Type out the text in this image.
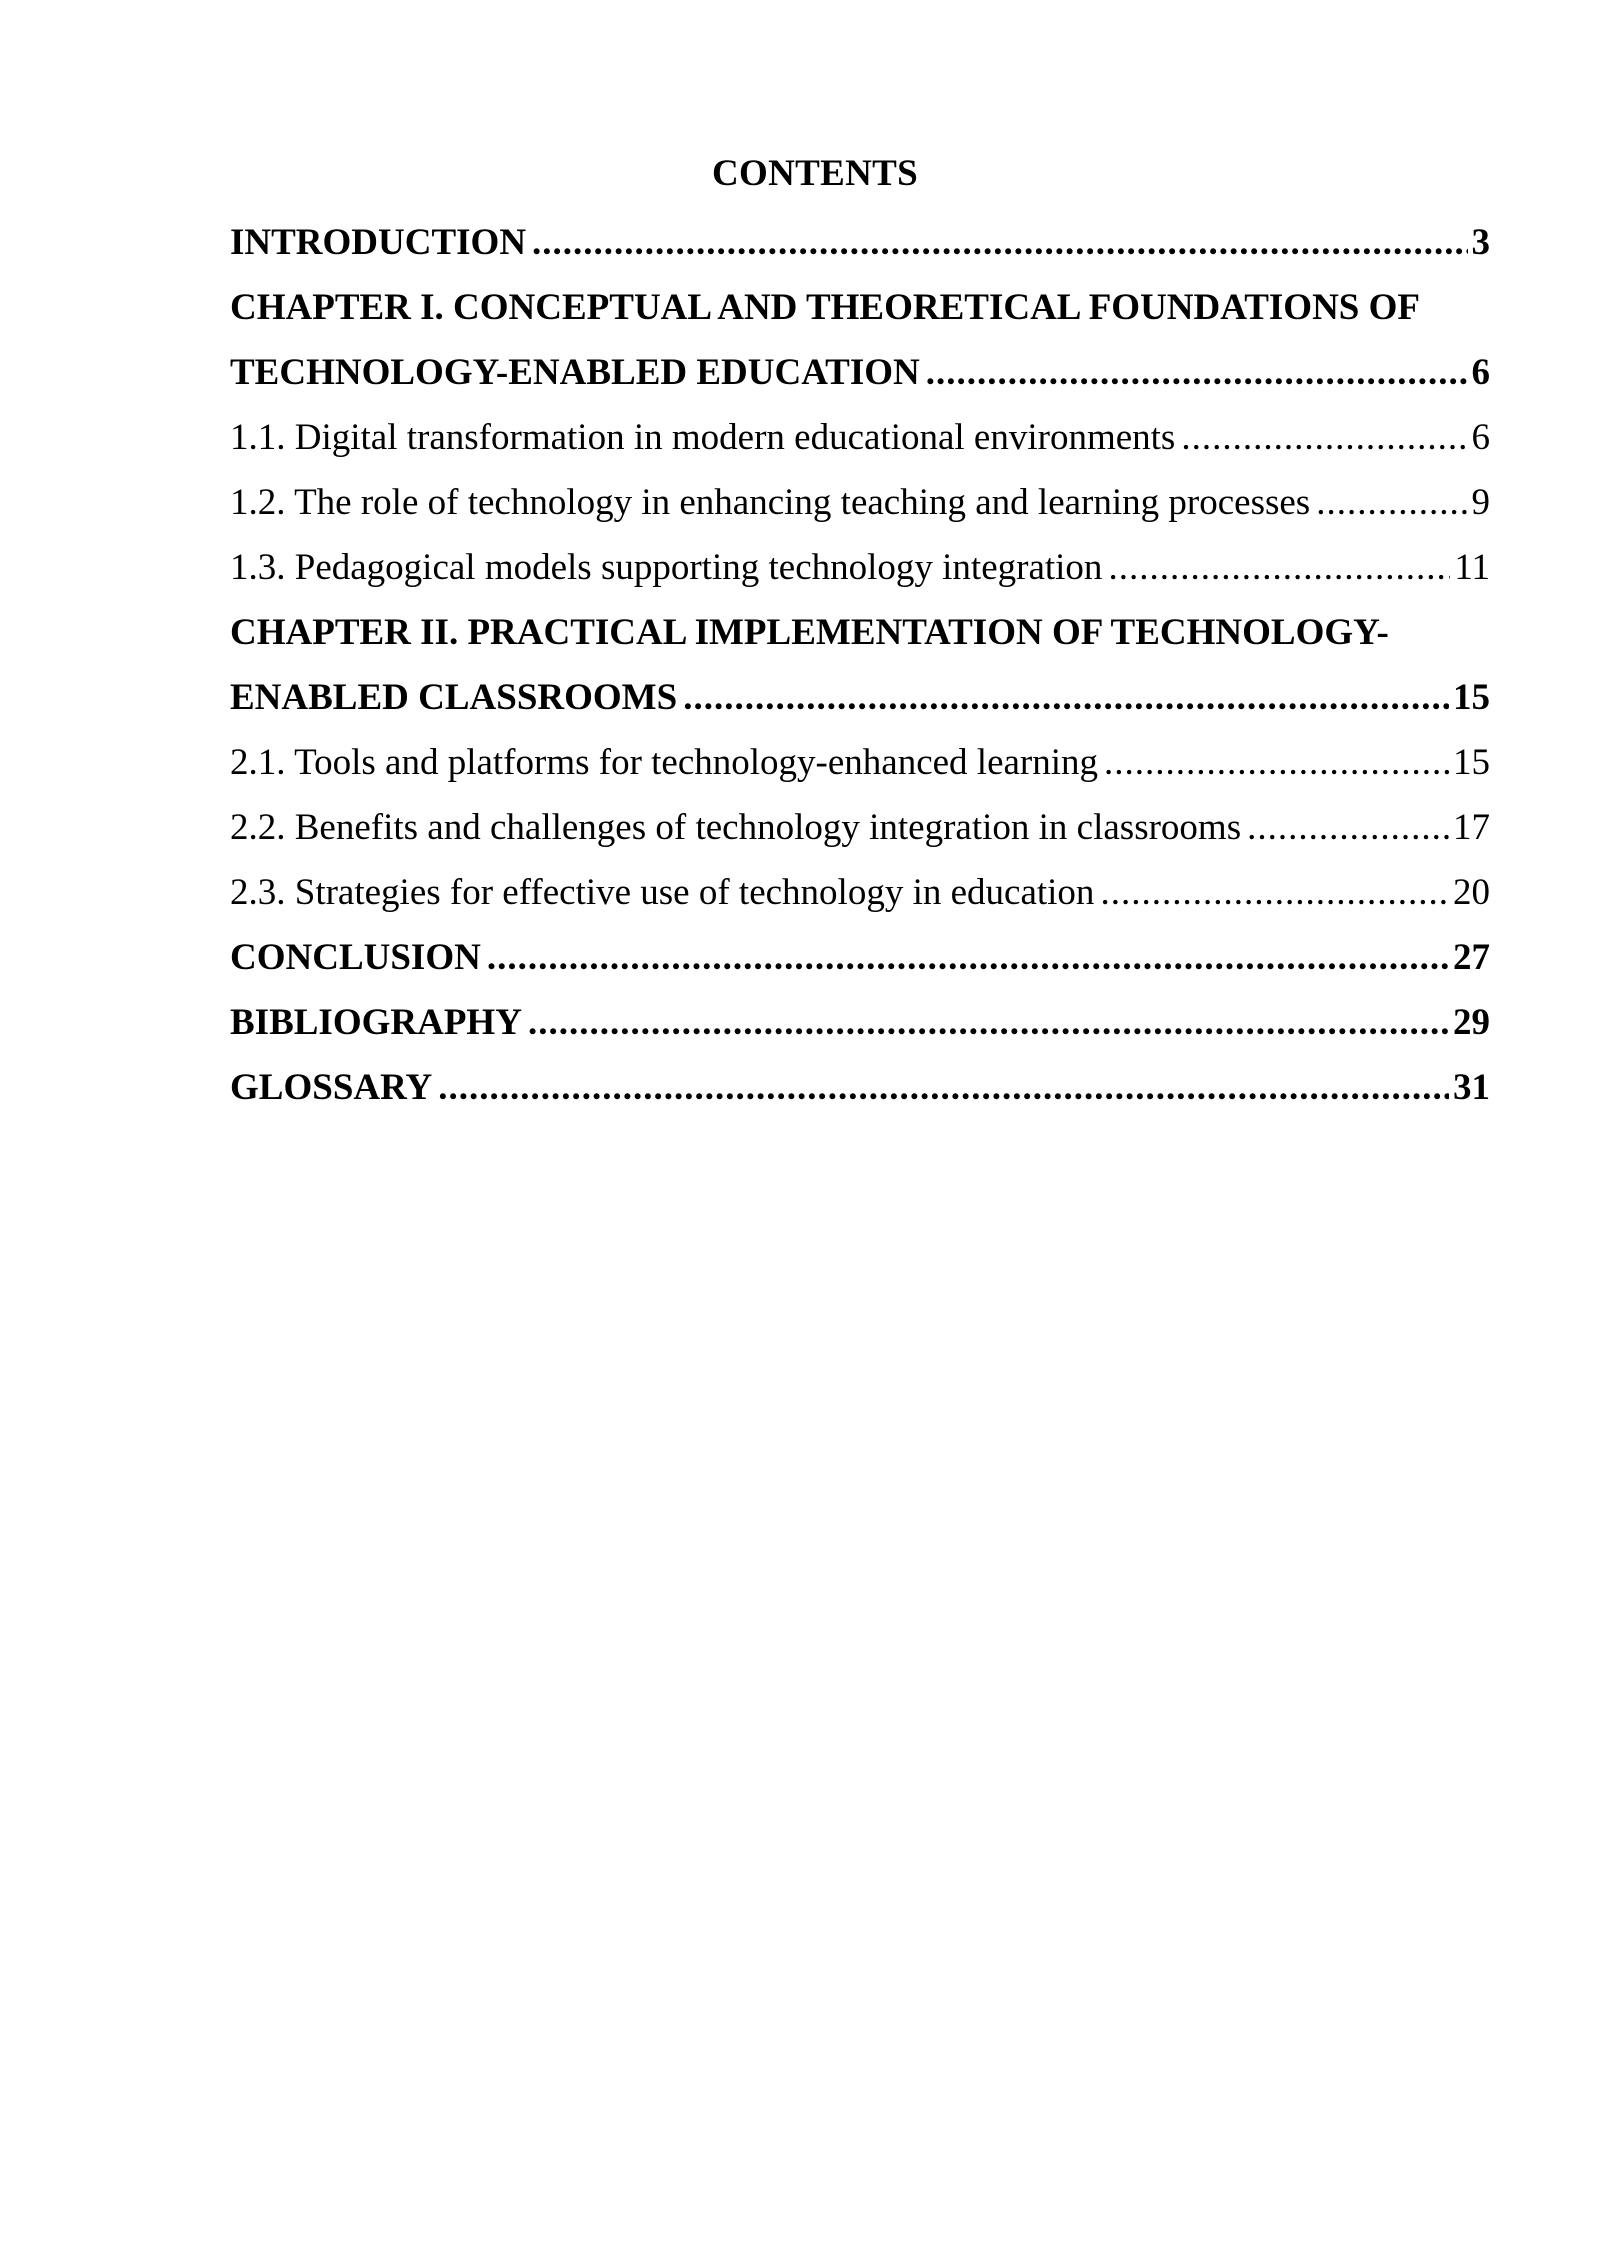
CONTENTS
INTRODUCTION .....	3
CHAPTER I. CONCEPTUAL AND THEORETICAL FOUNDATIONS OF
TECHNOLOGY-ENABLED EDUCATION .....	6
1.1. Digital transformation in modern educational environments .....	6
1.2. The role of technology in enhancing teaching and learning processes .....	9
1.3. Pedagogical models supporting technology integration .....	11
CHAPTER II. PRACTICAL IMPLEMENTATION OF TECHNOLOGY-
ENABLED CLASSROOMS .....	15
2.1. Tools and platforms for technology-enhanced learning .....	15
2.2. Benefits and challenges of technology integration in classrooms .....	17
2.3. Strategies for effective use of technology in education .....	20
CONCLUSION .....	27
BIBLIOGRAPHY .....	29
GLOSSARY .....	31
